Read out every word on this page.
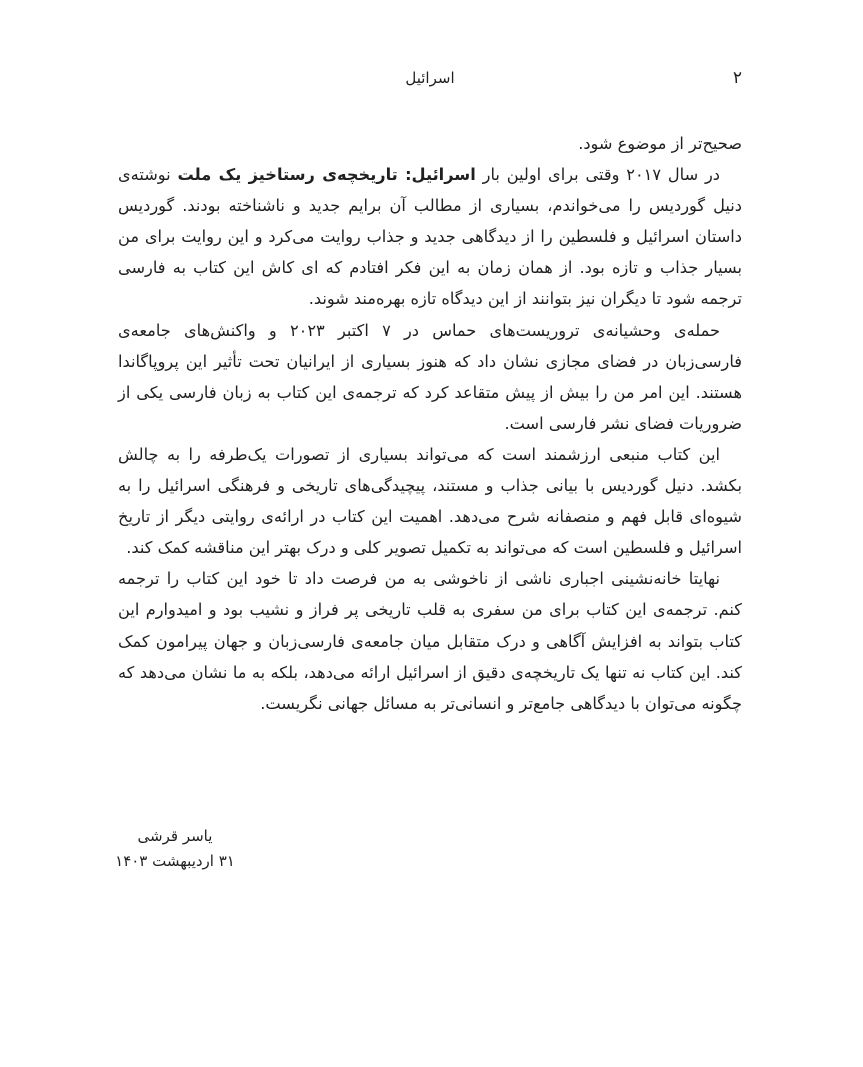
۲
اسرائیل

صحیح‌تر از موضوع شود.

در سال ۲۰۱۷ وقتی برای اولین بار اسرائیل: تاریخچه‌ی رستاخیز یک ملت نوشته‌ی دنیل گوردیس را می‌خواندم، بسیاری از مطالب آن برایم جدید و ناشناخته بودند. گوردیس داستان اسرائیل و فلسطین را از دیدگاهی جدید و جذاب روایت می‌کرد و این روایت برای من بسیار جذاب و تازه بود. از همان زمان به این فکر افتادم که ای کاش این کتاب به فارسی ترجمه شود تا دیگران نیز بتوانند از این دیدگاه تازه بهره‌مند شوند.

حمله‌ی وحشیانه‌ی تروریست‌های حماس در ۷ اکتبر ۲۰۲۳ و واکنش‌های جامعه‌ی فارسی‌زبان در فضای مجازی نشان داد که هنوز بسیاری از ایرانیان تحت تأثیر این پروپاگاندا هستند. این امر من را بیش از پیش متقاعد کرد که ترجمه‌ی این کتاب به زبان فارسی یکی از ضروریات فضای نشر فارسی است.

این کتاب منبعی ارزشمند است که می‌تواند بسیاری از تصورات یک‌طرفه را به چالش بکشد. دنیل گوردیس با بیانی جذاب و مستند، پیچیدگی‌های تاریخی و فرهنگی اسرائیل را به شیوه‌ای قابل فهم و منصفانه شرح می‌دهد. اهمیت این کتاب در ارائه‌ی روایتی دیگر از تاریخ اسرائیل و فلسطین است که می‌تواند به تکمیل تصویر کلی و درک بهتر این مناقشه کمک کند.

نهایتا خانه‌نشینی اجباری ناشی از ناخوشی به من فرصت داد تا خود این کتاب را ترجمه کنم. ترجمه‌ی این کتاب برای من سفری به قلب تاریخی پر فراز و نشیب بود و امیدوارم این کتاب بتواند به افزایش آگاهی و درک متقابل میان جامعه‌ی فارسی‌زبان و جهان پیرامون کمک کند. این کتاب نه تنها یک تاریخچه‌ی دقیق از اسرائیل ارائه می‌دهد، بلکه به ما نشان می‌دهد که چگونه می‌توان با دیدگاهی جامع‌تر و انسانی‌تر به مسائل جهانی نگریست.

یاسر قرشی
۳۱ اردیبهشت ۱۴۰۳
